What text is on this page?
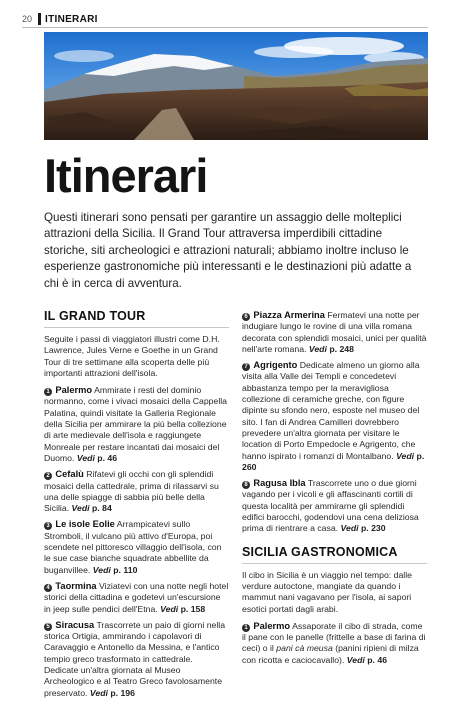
20	ITINERARI
Itinerari

Questi itinerari sono pensati per garantire un assaggio delle molteplici attrazioni della Sicilia. Il Grand Tour attraversa imperdibili cittadine storiche, siti archeologici e attrazioni naturali; abbiamo inoltre incluso le esperienze gastronomiche più interessanti e le destinazioni più adatte a chi è in cerca di avventura.

IL GRAND TOUR

Seguite i passi di viaggiatori illustri come D.H. Lawrence, Jules Verne e Goethe in un Grand Tour di tre settimane alla scoperta delle più importanti attrazioni dell'isola.

1 Palermo Ammirate i resti del dominio normanno, come i vivaci mosaici della Cappella Palatina, quindi visitate la Galleria Regionale della Sicilia per ammirare la più bella collezione di arte medievale dell'isola e raggiungete Monreale per restare incantati dai mosaici del Duomo. Vedi p. 46

2 Cefalù Rifatevi gli occhi con gli splendidi mosaici della cattedrale, prima di rilassarvi su una delle spiagge di sabbia più belle della Sicilia. Vedi p. 84

3 Le isole Eolie Arrampicatevi sullo Stromboli, il vulcano più attivo d'Europa, poi scendete nel pittoresco villaggio dell'isola, con le sue case bianche squadrate abbellite da buganvillee. Vedi p. 110

4 Taormina Viziatevi con una notte negli hotel storici della cittadina e godetevi un'escursione in jeep sulle pendici dell'Etna. Vedi p. 158

5 Siracusa Trascorrete un paio di giorni nella storica Ortigia, ammirando i capolavori di Caravaggio e Antonello da Messina, e l'antico tempio greco trasformato in cattedrale. Dedicate un'altra giornata al Museo Archeologico e al Teatro Greco favolosamente preservato. Vedi p. 196

6 Piazza Armerina Fermatevi una notte per indugiare lungo le rovine di una villa romana decorata con splendidi mosaici, unici per qualità nell'arte romana. Vedi p. 248

7 Agrigento Dedicate almeno un giorno alla visita alla Valle dei Templi e concedetevi abbastanza tempo per la meravigliosa collezione di ceramiche greche, con figure dipinte su sfondo nero, esposte nel museo del sito. I fan di Andrea Camilleri dovrebbero prevedere un'altra giornata per visitare le location di Porto Empedocle e Agrigento, che hanno ispirato i romanzi di Montalbano. Vedi p. 260

8 Ragusa Ibla Trascorrete uno o due giorni vagando per i vicoli e gli affascinanti cortili di questa località per ammirarne gli splendidi edifici barocchi, godendovi una cena deliziosa prima di rientrare a casa. Vedi p. 230

SICILIA GASTRONOMICA

Il cibo in Sicilia è un viaggio nel tempo: dalle verdure autoctone, mangiate da quando i mammut nani vagavano per l'isola, ai sapori esotici portati dagli arabi.

1 Palermo Assaporate il cibo di strada, come il pane con le panelle (frittelle a base di farina di ceci) o il pani cà meusa (panini ripieni di milza con ricotta e caciocavallo). Vedi p. 46
